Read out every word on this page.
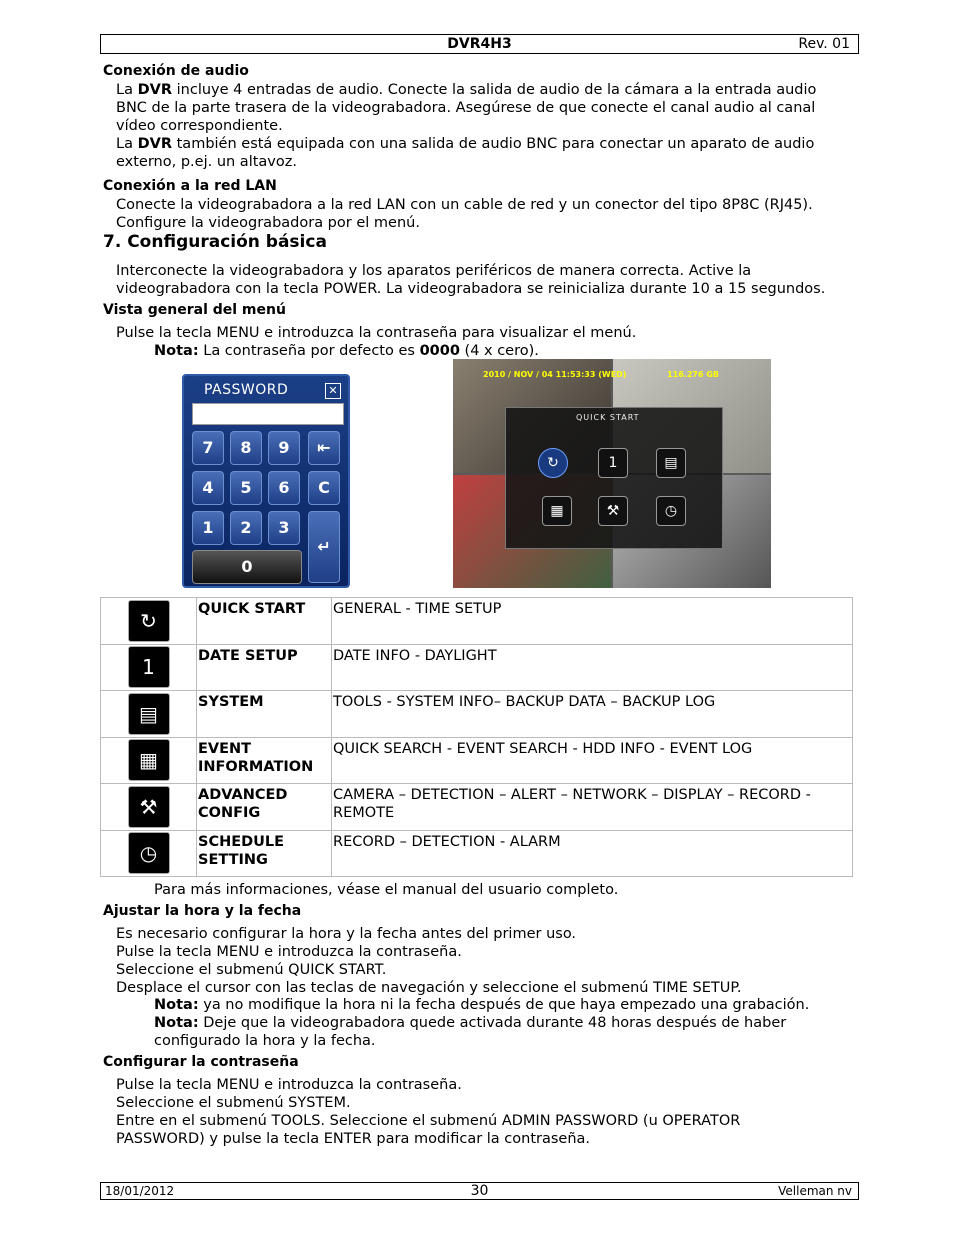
DVR4H3	Rev. 01
Conexión de audio
La DVR incluye 4 entradas de audio. Conecte la salida de audio de la cámara a la entrada audio
BNC de la parte trasera de la videograbadora. Asegúrese de que conecte el canal audio al canal
vídeo correspondiente.
La DVR también está equipada con una salida de audio BNC para conectar un aparato de audio
externo, p.ej. un altavoz.
Conexión a la red LAN
Conecte la videograbadora a la red LAN con un cable de red y un conector del tipo 8P8C (RJ45).
Configure la videograbadora por el menú.
7. Configuración básica
Interconecte la videograbadora y los aparatos periféricos de manera correcta. Active la
videograbadora con la tecla POWER. La videograbadora se reinicializa durante 10 a 15 segundos.
Vista general del menú
Pulse la tecla MENU e introduzca la contraseña para visualizar el menú.
Nota: La contraseña por defecto es 0000 (4 x cero).
PASSWORD	✕
7	8	9	⇤
4	5	6	C
1	2	3
↵
0
2010 / NOV / 04 11:53:33 (WED)	116.276 GB
QUICK START
↻	1	▤
▦	⚒	◷
↻	QUICK START	GENERAL - TIME SETUP
1	DATE SETUP	DATE INFO - DAYLIGHT
▤	SYSTEM	TOOLS - SYSTEM INFO– BACKUP DATA – BACKUP LOG
▦	EVENT INFORMATION	QUICK SEARCH - EVENT SEARCH - HDD INFO - EVENT LOG
⚒	ADVANCED CONFIG	CAMERA – DETECTION – ALERT – NETWORK – DISPLAY – RECORD - REMOTE
◷	SCHEDULE SETTING	RECORD – DETECTION - ALARM
Para más informaciones, véase el manual del usuario completo.
Ajustar la hora y la fecha
Es necesario configurar la hora y la fecha antes del primer uso.
Pulse la tecla MENU e introduzca la contraseña.
Seleccione el submenú QUICK START.
Desplace el cursor con las teclas de navegación y seleccione el submenú TIME SETUP.
Nota: ya no modifique la hora ni la fecha después de que haya empezado una grabación.
Nota: Deje que la videograbadora quede activada durante 48 horas después de haber
configurado la hora y la fecha.
Configurar la contraseña
Pulse la tecla MENU e introduzca la contraseña.
Seleccione el submenú SYSTEM.
Entre en el submenú TOOLS. Seleccione el submenú ADMIN PASSWORD (u OPERATOR
PASSWORD) y pulse la tecla ENTER para modificar la contraseña.
18/01/2012	30	Velleman nv
